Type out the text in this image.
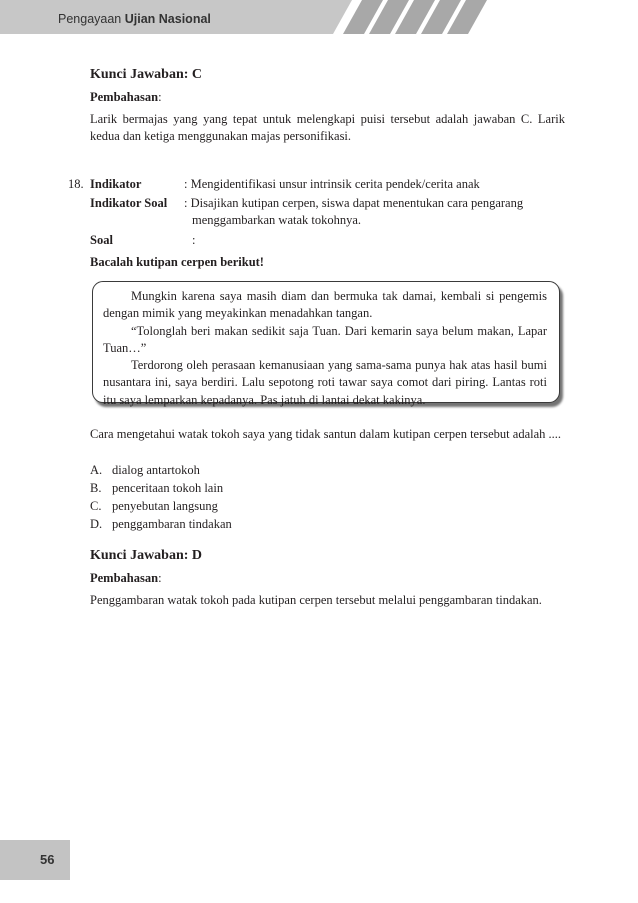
Pengayaan Ujian Nasional
Kunci Jawaban: C
Pembahasan:

Larik bermajas yang yang tepat untuk melengkapi puisi tersebut adalah jawaban C. Larik kedua dan ketiga menggunakan majas personifikasi.

18. Indikator	: Mengidentifikasi unsur intrinsik cerita pendek/cerita anak
Indikator Soal : Disajikan kutipan cerpen, siswa dapat menentukan cara pengarang
menggambarkan watak tokohnya.
Soal	:
Bacalah kutipan cerpen berikut!

Mungkin karena saya masih diam dan bermuka tak damai, kembali si pengemis dengan mimik yang meyakinkan menadahkan tangan.

“Tolonglah beri makan sedikit saja Tuan. Dari kemarin saya belum makan, Lapar Tuan…”

Terdorong oleh perasaan kemanusiaan yang sama-sama punya hak atas hasil bumi nusantara ini, saya berdiri. Lalu sepotong roti tawar saya comot dari piring. Lantas roti itu saya lemparkan kepadanya. Pas jatuh di lantai dekat kakinya.

Cara mengetahui watak tokoh saya yang tidak santun dalam kutipan cerpen tersebut adalah ....

A. dialog antartokoh
B. penceritaan tokoh lain
C. penyebutan langsung
D. penggambaran tindakan
Kunci Jawaban: D
Pembahasan:

Penggambaran watak tokoh pada kutipan cerpen tersebut melalui penggambaran tindakan.

56
